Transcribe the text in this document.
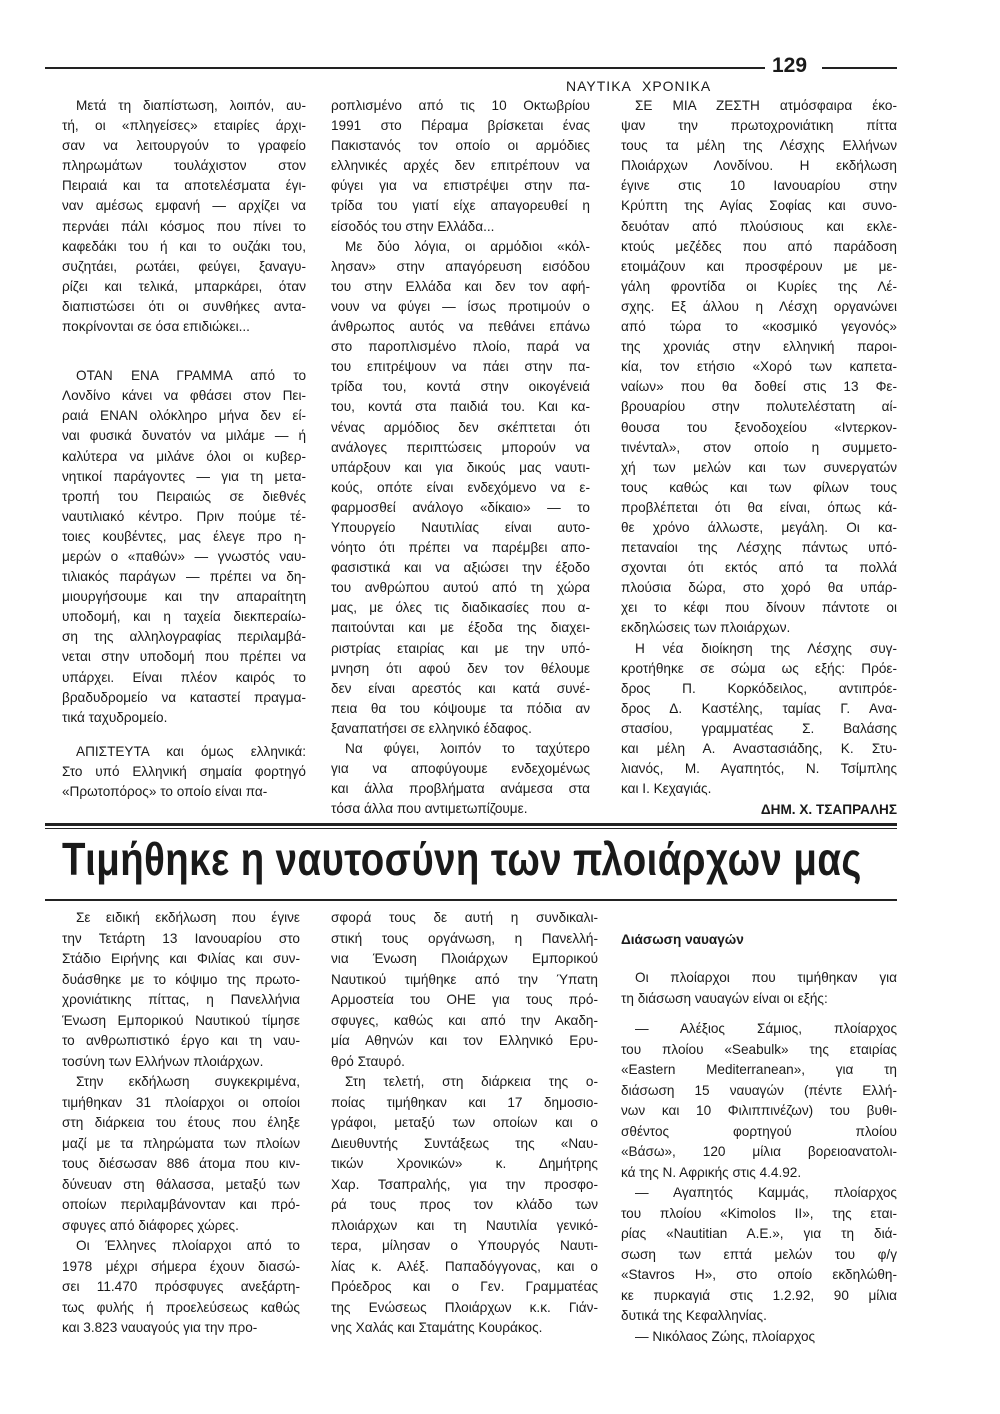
129
ΝΑΥΤΙΚΑ ΧΡΟΝΙΚΑ
Μετά τη διαπίστωση, λοιπόν, αυ-
τή, οι «πληγείσες» εταιρίες άρχι-
σαν να λειτουργούν το γραφείο
πληρωμάτων τουλάχιστον στον
Πειραιά και τα αποτελέσματα έγι-
ναν αμέσως εμφανή — αρχίζει να
περνάει πάλι κόσμος που πίνει το
καφεδάκι του ή και το ουζάκι του,
συζητάει, ρωτάει, φεύγει, ξαναγυ-
ρίζει και τελικά, μπαρκάρει, όταν
διαπιστώσει ότι οι συνθήκες αντα-
ποκρίνονται σε όσα επιδιώκει...
ΟΤΑΝ ΕΝΑ ΓΡΑΜΜΑ από το
Λονδίνο κάνει να φθάσει στον Πει-
ραιά ΕΝΑΝ ολόκληρο μήνα δεν εί-
ναι φυσικά δυνατόν να μιλάμε — ή
καλύτερα να μιλάνε όλοι οι κυβερ-
νητικοί παράγοντες — για τη μετα-
τροπή του Πειραιώς σε διεθνές
ναυτιλιακό κέντρο. Πριν πούμε τέ-
τοιες κουβέντες, μας έλεγε προ η-
μερών ο «παθών» — γνωστός ναυ-
τιλιακός παράγων — πρέπει να δη-
μιουργήσουμε και την απαραίτητη
υποδομή, και η ταχεία διεκπεραίω-
ση της αλληλογραφίας περιλαμβά-
νεται στην υποδομή που πρέπει να
υπάρχει. Είναι πλέον καιρός το
βραδυδρομείο να καταστεί πραγμα-
τικά ταχυδρομείο.
ΑΠΙΣΤΕΥΤΑ και όμως ελληνικά:
Στο υπό Ελληνική σημαία φορτηγό
«Πρωτοπόρος» το οποίο είναι πα-
ροπλισμένο από τις 10 Οκτωβρίου
1991 στο Πέραμα βρίσκεται ένας
Πακιστανός τον οποίο οι αρμόδιες
ελληνικές αρχές δεν επιτρέπουν να
φύγει για να επιστρέψει στην πα-
τρίδα του γιατί είχε απαγορευθεί η
είσοδός του στην Ελλάδα...
Με δύο λόγια, οι αρμόδιοι «κόλ-
λησαν» στην απαγόρευση εισόδου
του στην Ελλάδα και δεν τον αφή-
νουν να φύγει — ίσως προτιμούν ο
άνθρωπος αυτός να πεθάνει επάνω
στο παροπλισμένο πλοίο, παρά να
του επιτρέψουν να πάει στην πα-
τρίδα του, κοντά στην οικογένειά
του, κοντά στα παιδιά του. Και κα-
νένας αρμόδιος δεν σκέπτεται ότι
ανάλογες περιπτώσεις μπορούν να
υπάρξουν και για δικούς μας ναυτι-
κούς, οπότε είναι ενδεχόμενο να ε-
φαρμοσθεί ανάλογο «δίκαιο» — το
Υπουργείο Ναυτιλίας είναι αυτο-
νόητο ότι πρέπει να παρέμβει απο-
φασιστικά και να αξιώσει την έξοδο
του ανθρώπου αυτού από τη χώρα
μας, με όλες τις διαδικασίες που α-
παιτούνται και με έξοδα της διαχει-
ριστρίας εταιρίας και με την υπό-
μνηση ότι αφού δεν τον θέλουμε
δεν είναι αρεστός και κατά συνέ-
πεια θα του κόψουμε τα πόδια αν
ξαναπατήσει σε ελληνικό έδαφος.
Να φύγει, λοιπόν το ταχύτερο
για να αποφύγουμε ενδεχομένως
και άλλα προβλήματα ανάμεσα στα
τόσα άλλα που αντιμετωπίζουμε.
ΣΕ ΜΙΑ ΖΕΣΤΗ ατμόσφαιρα έκο-
ψαν την πρωτοχρονιάτικη πίττα
τους τα μέλη της Λέσχης Ελλήνων
Πλοιάρχων Λονδίνου. Η εκδήλωση
έγινε στις 10 Ιανουαρίου στην
Κρύπτη της Αγίας Σοφίας και συνο-
δευόταν από πλούσιους και εκλε-
κτούς μεζέδες που από παράδοση
ετοιμάζουν και προσφέρουν με με-
γάλη φροντίδα οι Κυρίες της Λέ-
σχης. Εξ άλλου η Λέσχη οργανώνει
από τώρα το «κοσμικό γεγονός»
της χρονιάς στην ελληνική παροι-
κία, τον ετήσιο «Χορό των καπετα-
ναίων» που θα δοθεί στις 13 Φε-
βρουαρίου στην πολυτελέστατη αί-
θουσα του ξενοδοχείου «Ιντερκον-
τινένταλ», στον οποίο η συμμετο-
χή των μελών και των συνεργατών
τους καθώς και των φίλων τους
προβλέπεται ότι θα είναι, όπως κά-
θε χρόνο άλλωστε, μεγάλη. Οι κα-
πεταναίοι της Λέσχης πάντως υπό-
σχονται ότι εκτός από τα πολλά
πλούσια δώρα, στο χορό θα υπάρ-
χει το κέφι που δίνουν πάντοτε οι
εκδηλώσεις των πλοιάρχων.
Η νέα διοίκηση της Λέσχης συγ-
κροτήθηκε σε σώμα ως εξής: Πρόε-
δρος Π. Κορκόδειλος, αντιπρόε-
δρος Δ. Καστέλης, ταμίας Γ. Ανα-
στασίου, γραμματέας Σ. Βαλάσης
και μέλη Α. Αναστασιάδης, Κ. Στυ-
λιανός, Μ. Αγαπητός, Ν. Τσίμπλης
και Ι. Κεχαγιάς.
ΔΗΜ. Χ. ΤΣΑΠΡΑΛΗΣ
Τιμήθηκε η ναυτοσύνη των πλοιάρχων μας
Σε ειδική εκδήλωση που έγινε
την Τετάρτη 13 Ιανουαρίου στο
Στάδιο Ειρήνης και Φιλίας και συν-
δυάσθηκε με το κόψιμο της πρωτο-
χρονιάτικης πίττας, η Πανελλήνια
Ένωση Εμπορικού Ναυτικού τίμησε
το ανθρωπιστικό έργο και τη ναυ-
τοσύνη των Ελλήνων πλοιάρχων.
Στην εκδήλωση συγκεκριμένα,
τιμήθηκαν 31 πλοίαρχοι οι οποίοι
στη διάρκεια του έτους που έληξε
μαζί με τα πληρώματα των πλοίων
τους διέσωσαν 886 άτομα που κιν-
δύνευαν στη θάλασσα, μεταξύ των
οποίων περιλαμβάνονταν και πρό-
σφυγες από διάφορες χώρες.
Οι Έλληνες πλοίαρχοι από το
1978 μέχρι σήμερα έχουν διασώ-
σει 11.470 πρόσφυγες ανεξάρτη-
τως φυλής ή προελεύσεως καθώς
και 3.823 ναυαγούς για την προ-
σφορά τους δε αυτή η συνδικαλι-
στική τους οργάνωση, η Πανελλή-
νια Ένωση Πλοιάρχων Εμπορικού
Ναυτικού τιμήθηκε από την Ύπατη
Αρμοστεία του ΟΗΕ για τους πρό-
σφυγες, καθώς και από την Ακαδη-
μία Αθηνών και τον Ελληνικό Ερυ-
θρό Σταυρό.
Στη τελετή, στη διάρκεια της ο-
ποίας τιμήθηκαν και 17 δημοσιο-
γράφοι, μεταξύ των οποίων και ο
Διευθυντής Συντάξεως της «Ναυ-
τικών Χρονικών» κ. Δημήτρης
Χαρ. Τσαπραλής, για την προσφο-
ρά τους προς τον κλάδο των
πλοιάρχων και τη Ναυτιλία γενικό-
τερα, μίλησαν ο Υπουργός Ναυτι-
λίας κ. Αλέξ. Παπαδόγγονας, και ο
Πρόεδρος και ο Γεν. Γραμματέας
της Ενώσεως Πλοιάρχων κ.κ. Γιάν-
νης Χαλάς και Σταμάτης Κουράκος.
Διάσωση ναυαγών
Οι πλοίαρχοι που τιμήθηκαν για
τη διάσωση ναυαγών είναι οι εξής:
— Αλέξιος Σάμιος, πλοίαρχος
του πλοίου «Seabulk» της εταιρίας
«Eastern Mediterranean», για τη
διάσωση 15 ναυαγών (πέντε Ελλή-
νων και 10 Φιλιππινέζων) του βυθι-
σθέντος φορτηγού πλοίου
«Βάσω», 120 μίλια βορειοανατολι-
κά της Ν. Αφρικής στις 4.4.92.
— Αγαπητός Καμμάς, πλοίαρχος
του πλοίου «Kimolos II», της εται-
ρίας «Nautitian A.E.», για τη διά-
σωση των επτά μελών του φ/γ
«Stavros H», στο οποίο εκδηλώθη-
κε πυρκαγιά στις 1.2.92, 90 μίλια
δυτικά της Κεφαλληνίας.
— Νικόλαος Ζώης, πλοίαρχος
